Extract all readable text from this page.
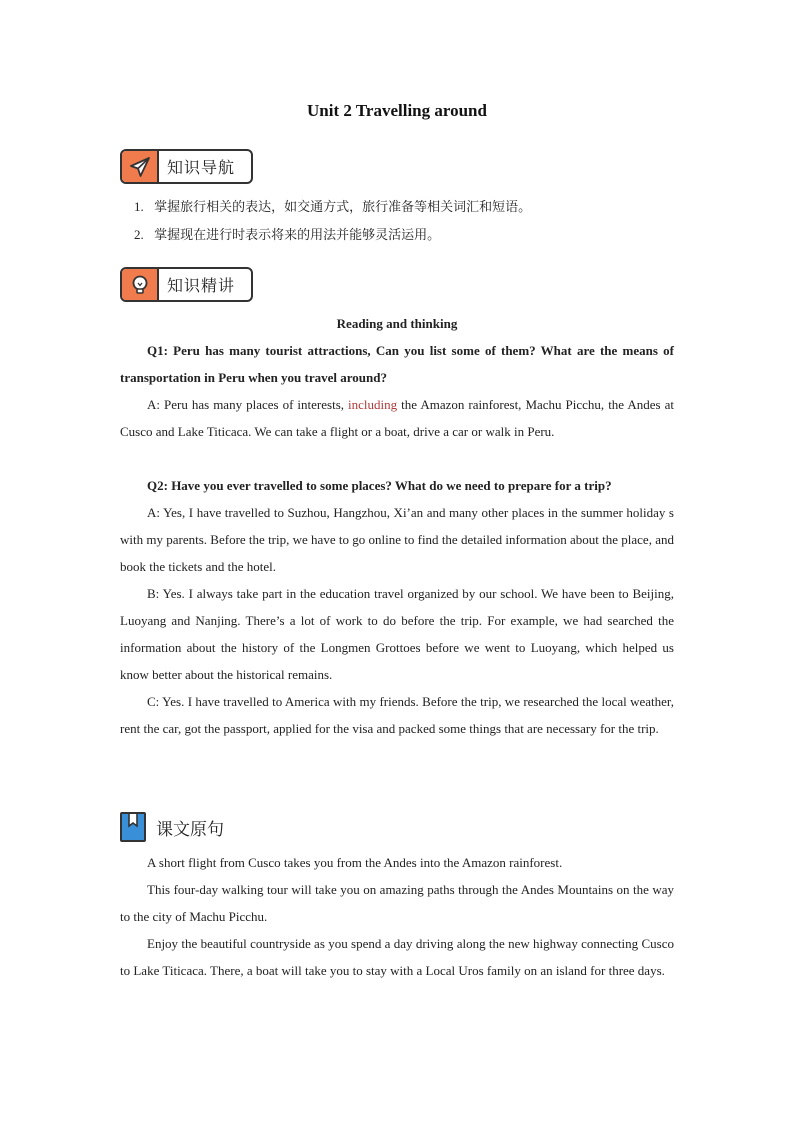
Unit 2 Travelling around
知识导航
1. 掌握旅行相关的表达，如交通方式，旅行准备等相关词汇和短语。
2. 掌握现在进行时表示将来的用法并能够灵活运用。
知识精讲

Reading and thinking

Q1: Peru has many tourist attractions, Can you list some of them? What are the means of transportation in Peru when you travel around?

A: Peru has many places of interests, including the Amazon rainforest, Machu Picchu, the Andes at Cusco and Lake Titicaca. We can take a flight or a boat, drive a car or walk in Peru.

Q2: Have you ever travelled to some places? What do we need to prepare for a trip?

A: Yes, I have travelled to Suzhou, Hangzhou, Xi’an and many other places in the summer holiday s with my parents. Before the trip, we have to go online to find the detailed information about the place, and book the tickets and the hotel.

B: Yes. I always take part in the education travel organized by our school. We have been to Beijing, Luoyang and Nanjing. There’s a lot of work to do before the trip. For example, we had searched the information about the history of the Longmen Grottoes before we went to Luoyang, which helped us know better about the historical remains.

C: Yes. I have travelled to America with my friends. Before the trip, we researched the local weather, rent the car, got the passport, applied for the visa and packed some things that are necessary for the trip.

课文原句

A short flight from Cusco takes you from the Andes into the Amazon rainforest.

This four-day walking tour will take you on amazing paths through the Andes Mountains on the way to the city of Machu Picchu.

Enjoy the beautiful countryside as you spend a day driving along the new highway connecting Cusco to Lake Titicaca. There, a boat will take you to stay with a Local Uros family on an island for three days.
